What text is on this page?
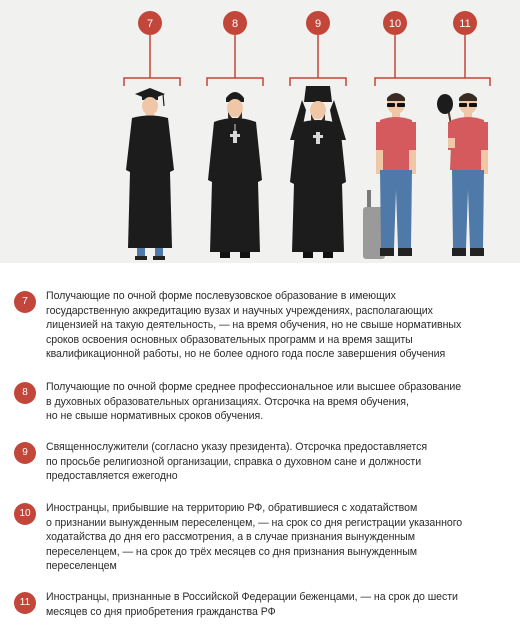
7	8	9	10	11
7	Получающие по очной форме послевузовское образование в имеющих
государственную аккредитацию вузах и научных учреждениях, располагающих
лицензией на такую деятельность, — на время обучения, но не свыше нормативных
сроков освоения основных образовательных программ и на время защиты
квалификационной работы, но не более одного года после завершения обучения
8	Получающие по очной форме среднее профессиональное или высшее образование
в духовных образовательных организациях. Отсрочка на время обучения,
но не свыше нормативных сроков обучения.
9	Священнослужители (согласно указу президента). Отсрочка предоставляется
по просьбе религиозной организации, справка о духовном сане и должности
предоставляется ежегодно
10	Иностранцы, прибывшие на территорию РФ, обратившиеся с ходатайством
о признании вынужденным переселенцем, — на срок со дня регистрации указанного
ходатайства до дня его рассмотрения, а в случае признания вынужденным
переселенцем, — на срок до трёх месяцев со дня признания вынужденным
переселенцем
11	Иностранцы, признанные в Российской Федерации беженцами, — на срок до шести
месяцев со дня приобретения гражданства РФ
